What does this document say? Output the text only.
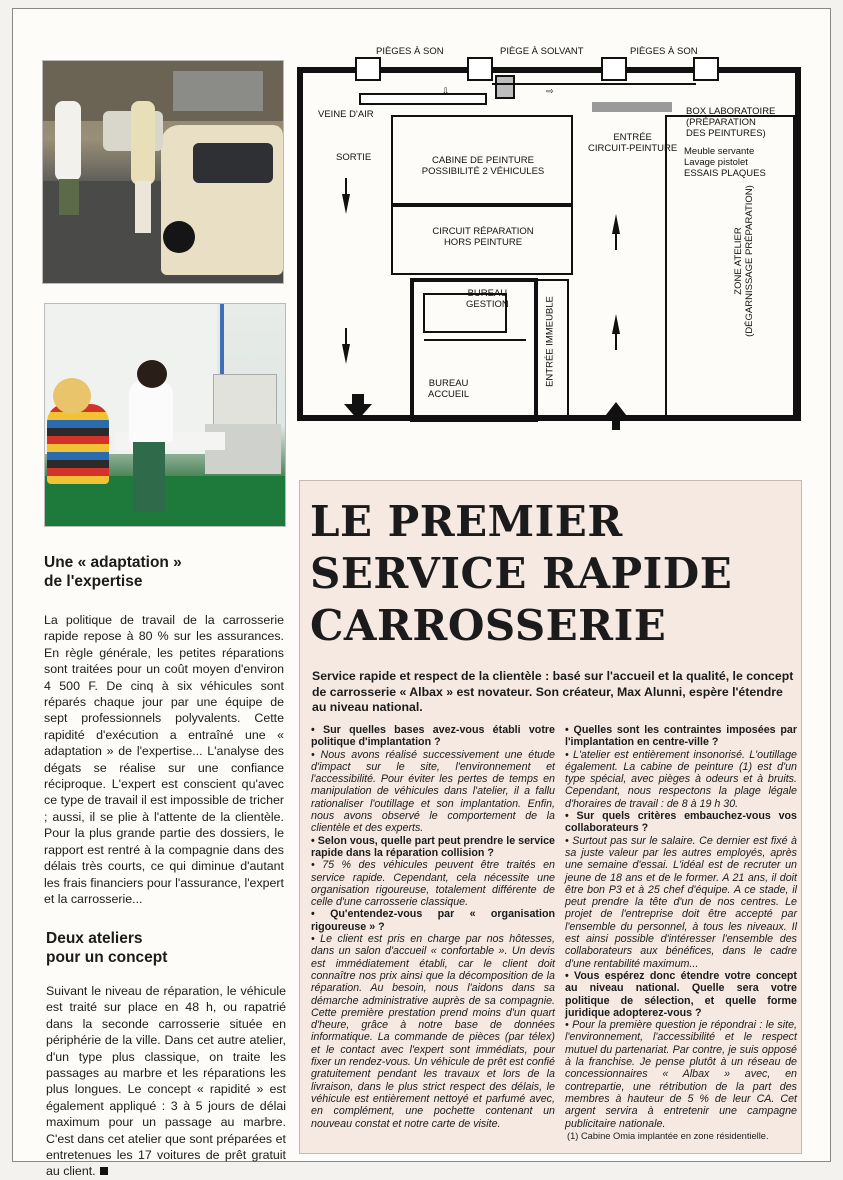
⇩	⇨
PIÈGES À SON	PIÈGE À SOLVANT	PIÈGES À SON
VEINE D'AIR	BOX LABORATOIRE
(PRÉPARATION
DES PEINTURES)
ENTRÉE
CIRCUIT-PEINTURE Meuble servante
Lavage pistolet
ESSAIS PLAQUES
SORTIE	CABINE DE PEINTURE
POSSIBILITÉ 2 VÉHICULES
CIRCUIT RÉPARATION
HORS PEINTURE
BUREAU
GESTION
BUREAU
ACCUEIL
ENTRÉE IMMEUBLE
ZONE ATELIER (DÉGARNISSAGE PRÉPARATION)
Une « adaptation »
de l'expertise

La politique de travail de la carrosserie rapide repose à 80 % sur les assurances. En règle générale, les petites réparations sont traitées pour un coût moyen d'environ 4 500 F. De cinq à six véhicules sont réparés chaque jour par une équipe de sept professionnels polyvalents. Cette rapidité d'exécution a entraîné une « adaptation » de l'expertise... L'analyse des dégats se réalise sur une confiance réciproque. L'expert est conscient qu'avec ce type de travail il est impossible de tricher ; aussi, il se plie à l'attente de la clientèle. Pour la plus grande partie des dossiers, le rapport est rentré à la compagnie dans des délais très courts, ce qui diminue d'autant les frais financiers pour l'assurance, l'expert et la carrosserie...

Deux ateliers
pour un concept

Suivant le niveau de réparation, le véhicule est traité sur place en 48 h, ou rapatrié dans la seconde carrosserie située en périphérie de la ville. Dans cet autre atelier, d'un type plus classique, on traite les passages au marbre et les réparations les plus longues. Le concept « rapidité » est également appliqué : 3 à 5 jours de délai maximum pour un passage au marbre. C'est dans cet atelier que sont préparées et entretenues les 17 voitures de prêt gratuit au client.

LE PREMIER
SERVICE RAPIDE
CARROSSERIE

Service rapide et respect de la clientèle : basé sur l'accueil et la qualité, le concept de carrosserie « Albax » est novateur. Son créateur, Max Alunni, espère l'étendre au niveau national.

• Sur quelles bases avez-vous établi votre politique d'implantation ?

• Nous avons réalisé successivement une étude d'impact sur le site, l'environnement et l'accessibilité. Pour éviter les pertes de temps en manipulation de véhicules dans l'atelier, il a fallu rationaliser l'outillage et son implantation. Enfin, nous avons observé le comportement de la clientèle et des experts.

• Selon vous, quelle part peut prendre le service rapide dans la réparation collision ?

• 75 % des véhicules peuvent être traités en service rapide. Cependant, cela nécessite une organisation rigoureuse, totalement différente de celle d'une carrosserie classique.

• Qu'entendez-vous par « organisation rigoureuse » ?

• Le client est pris en charge par nos hôtesses, dans un salon d'accueil « confortable ». Un devis est immédiatement établi, car le client doit connaître nos prix ainsi que la décomposition de la réparation. Au besoin, nous l'aidons dans sa démarche administrative auprès de sa compagnie. Cette première prestation prend moins d'un quart d'heure, grâce à notre base de données informatique. La commande de pièces (par télex) et le contact avec l'expert sont immédiats, pour fixer un rendez-vous. Un véhicule de prêt est confié gratuitement pendant les travaux et lors de la livraison, dans le plus strict respect des délais, le véhicule est entièrement nettoyé et parfumé avec, en complément, une pochette contenant un nouveau constat et notre carte de visite.

• Quelles sont les contraintes imposées par l'implantation en centre-ville ?

• L'atelier est entièrement insonorisé. L'outillage également. La cabine de peinture (1) est d'un type spécial, avec pièges à odeurs et à bruits. Cependant, nous respectons la plage légale d'horaires de travail : de 8 à 19 h 30.

• Sur quels critères embauchez-vous vos collaborateurs ?

• Surtout pas sur le salaire. Ce dernier est fixé à sa juste valeur par les autres employés, après une semaine d'essai. L'idéal est de recruter un jeune de 18 ans et de le former. A 21 ans, il doit être bon P3 et à 25 chef d'équipe. A ce stade, il peut prendre la tête d'un de nos centres. Le projet de l'entreprise doit être accepté par l'ensemble du personnel, à tous les niveaux. Il est ainsi possible d'intéresser l'ensemble des collaborateurs aux bénéfices, dans le cadre d'une rentabilité maximum...

• Vous espérez donc étendre votre concept au niveau national. Quelle sera votre politique de sélection, et quelle forme juridique adopterez-vous ?

• Pour la première question je répondrai : le site, l'environnement, l'accessibilité et le respect mutuel du partenariat. Par contre, je suis opposé à la franchise. Je pense plutôt à un réseau de concessionnaires « Albax » avec, en contrepartie, une rétribution de la part des membres à hauteur de 5 % de leur CA. Cet argent servira à entretenir une campagne publicitaire nationale.

(1) Cabine Omia implantée en zone résidentielle.
